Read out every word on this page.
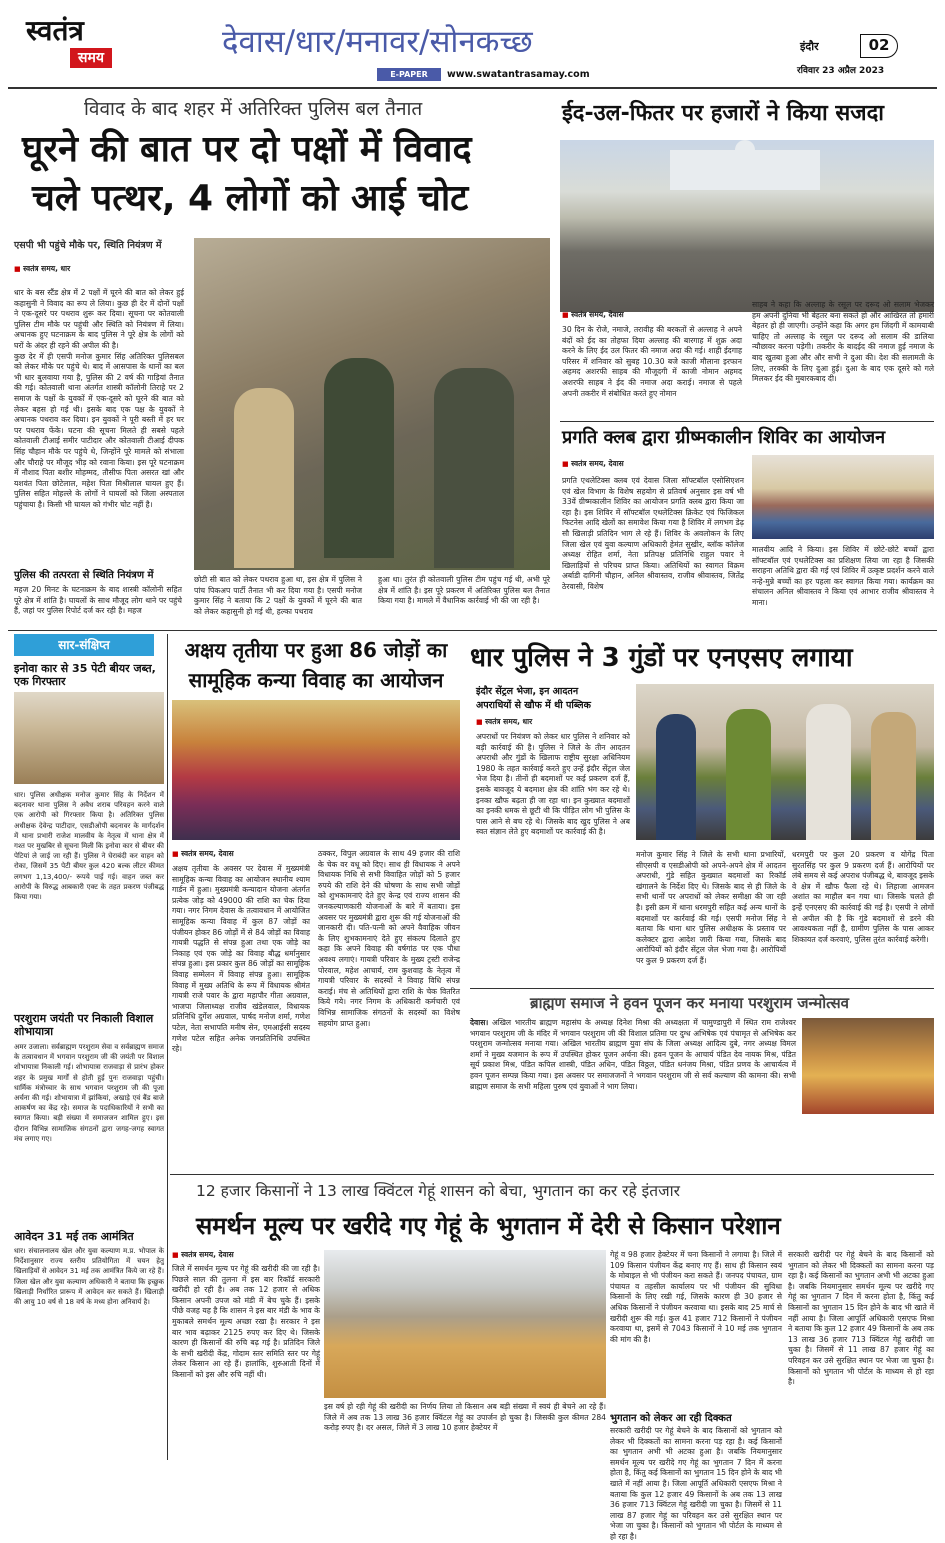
स्वतंत्र
समय	देवास/धार/मनावर/सोनकच्छ
E-PAPER	www.swatantrasamay.com
इंदौर	02
रविवार 23 अप्रैल 2023
विवाद के बाद शहर में अतिरिक्त पुलिस बल तैनात
घूरने की बात पर दो पक्षों में विवाद
चले पत्थर, 4 लोगों को आई चोट
एसपी भी पहुंचे मौके पर, स्थिति नियंत्रण में
■ स्वतंत्र समय, धार

धार के बस स्टैंड क्षेत्र में 2 पक्षों में घूरने की बात को लेकर हुई कहासुनी ने विवाद का रूप ले लिया। कुछ ही देर में दोनों पक्षों ने एक-दूसरे पर पथराव शुरू कर दिया। सूचना पर कोतवाली पुलिस टीम मौके पर पहुंची और स्थिति को नियंत्रण में लिया। अचानक हुए घटनाक्रम के बाद पुलिस ने पूरे क्षेत्र के लोगों को घरों के अंदर ही रहने की अपील की है।

कुछ देर में ही एसपी मनोज कुमार सिंह अतिरिक्त पुलिसबल को लेकर मौके पर पहुंचे थे। बाद में आसपास के थानों का बल भी धार बुलवाया गया है, पुलिस की 2 वर्ष की गाड़ियां तैनात की गई। कोतवाली थाना अंतर्गत शास्त्री कॉलोनी तिराहे पर 2 समाज के पक्षों के युवकों में एक-दूसरे को घूरने की बात को लेकर बहस हो गई थी। इसके बाद एक पक्ष के युवकों ने अचानक पथराव कर दिया। इन युवकों ने पूरी बस्ती में हर घर पर पथराव फेंके। घटना की सूचना मिलते ही सबसे पहले कोतवाली टीआई समीर पाटीदार और कोतवाली टीआई दीपक सिंह चौहान मौके पर पहुंचे थे, जिन्होंने पूरे मामले को संभाला और चौराहे पर मौजूद भीड़ को रवाना किया। इस पूरे घटनाक्रम में नौशाद पिता बशीर मोहम्मद, तौसीफ पिता असरत खां और यशवंत पिता छोटेलाल, महेश पिता मिश्रीलाल घायल हुए हैं। पुलिस सहित मोहल्ले के लोगों ने घायलों को जिला अस्पताल पहुंचाया है। किसी भी घायल को गंभीर चोट नहीं है।

पुलिस की तत्परता से स्थिति नियंत्रण में
महज 20 मिनट के घटनाक्रम के बाद शास्त्री कॉलोनी सहित पूरे क्षेत्र में शांति है। घायलों के साथ मौजूद लोग थाने पर पहुंचे हैं, जहां पर पुलिस रिपोर्ट दर्ज कर रही है। महज
छोटी सी बात को लेकर पथराव हुआ था, इस क्षेत्र में पुलिस ने पांच पिकअप पार्टी तैनात भी कर दिया गया है। एसपी मनोज कुमार सिंह ने बताया कि 2 पक्षों के युवकों में घूरने की बात को लेकर कहासुनी हो गई थी, हल्का पथराव
हुआ था। तुरंत ही कोतवाली पुलिस टीम पहुंच गई थी, अभी पूरे क्षेत्र में शांति है। इस पूरे प्रकरण में अतिरिक्त पुलिस बल तैनात किया गया है। मामले में वैधानिक कार्रवाई भी की जा रही है।
ईद-उल-फितर पर हजारों ने किया सजदा
■ स्वतंत्र समय, देवास
30 दिन के रोजे, नमाजे, तरावीह की बरकतों से अल्लाह ने अपने बंदों को ईद का तोहफा दिया अल्लाह की बारगाह में शुक्र अदा करने के लिए ईद उल फितर की नमाज अदा की गई। शाही ईदगाह परिसर में शनिवार को सुबह 10.30 बजे काजी मौलाना इरफान अहमद अशरफी साहब की मौजूदगी में काजी नोमान अहमद अशरफी साहब ने ईद की नमाज अदा कराई। नमाज से पहले अपनी तकरीर में संबोधित करते हुए नोमान
साहब ने कहा कि अल्लाह के रसूल पर दरूद ओ सलाम भेजकर हम अपनी दुनिया भी बेहतर बना सकते हो और आखिरत तो हमारी बेहतर हो ही जाएगी। उन्होंने कहा कि अगर हम जिंदगी में कामयाबी चाहिए तो अल्लाह के रसूल पर दरूद ओ सलाम की डालिया न्यौछावर करना पड़ेगी। तकरीर के बादईद की नमाज हुई नमाज के बाद खुतबा हुआ और और सभी ने दुआ की। देश की सलामती के लिए, तरक्की के लिए दुआ हुई। दुआ के बाद एक दूसरे को गले मिलकर ईद की मुबारकबाद दी।
प्रगति क्लब द्वारा ग्रीष्मकालीन शिविर का आयोजन
■ स्वतंत्र समय, देवास
प्रगति एथलेटिक्स क्लब एवं देवास जिला सॉफ्टबॉल एसोसिएशन एवं खेल विभाग के विशेष सहयोग से प्रतिवर्ष अनुसार इस वर्ष भी 33वें ग्रीष्मकालीन शिविर का आयोजन प्रगति क्लब द्वारा किया जा रहा है। इस शिविर में सॉफ्टबॉल एथलेटिक्स क्रिकेट एवं फिजिकल फिटनेस आदि खेलों का समावेश किया गया है शिविर में लगभग डेढ़ सौ खिलाड़ी प्रतिदिन भाग ले रहे हैं। शिविर के अवलोकन के लिए जिला खेल एवं युवा कल्याण अधिकारी हेमंत सुखीर, ब्लॉक कॉलेज अध्यक्ष रोहित शर्मा, नेता प्रतिपक्ष प्रतिनिधि राहुल पवार ने खिलाड़ियों से परिचय प्राप्त किया। अतिथियों का स्वागत विक्रम अर्बाडी दागिनी चौहान, अनिल श्रीवास्तव, राजीव श्रीवास्तव, जितेंद्र ठेरवासी, विशेष
मालवीय आदि ने किया। इस शिविर में छोटे-छोटे बच्चों द्वारा सॉफ्टबॉल एवं एथलेटिक्स का प्रशिक्षण लिया जा रहा है जिसकी सराहना अतिथि द्वारा की गई एवं शिविर में उत्कृष्ट प्रदर्शन करने वाले नन्हे-मुन्ने बच्चों का हर पहला कर स्वागत किया गया। कार्यक्रम का संचालन अनिल श्रीवास्तव ने किया एवं आभार राजीव श्रीवास्तव ने माना।
सार-संक्षिप्त
इनोवा कार से 35 पेटी बीयर जब्त, एक गिरफ्तार
धार। पुलिस अधीक्षक मनोज कुमार सिंह के निर्देशन में बदनावर थाना पुलिस ने अवैध शराब परिवहन करने वाले एक आरोपी को गिरफ्तार किया है। अतिरिक्त पुलिस अधीक्षक देवेन्द्र पाटीदार, एसडीओपी बदनावर के मार्गदर्शन में थाना प्रभारी राजेश मालवीय के नेतृत्व में थाना क्षेत्र में गश्त पर मुखबिर से सूचना मिली कि इनोवा कार से बीयर की पेटियां ले जाई जा रही हैं। पुलिस ने घेराबंदी कर वाहन को रोका, जिसमें 35 पेटी बीयर कुल 420 बल्क लीटर कीमत लगभग 1,13,400/- रूपये पाई गई। वाहन जब्त कर आरोपी के विरुद्ध आबकारी एक्ट के तहत प्रकरण पंजीबद्ध किया गया।
परशुराम जयंती पर निकाली विशाल शोभायात्रा
अमर उजाला। सर्वब्राह्मण परशुराम सेवा व सर्वब्राह्मण समाज के तत्वावधान में भगवान परशुराम जी की जयंती पर विशाल शोभायात्रा निकाली गई। शोभायात्रा राजवाड़ा से प्रारंभ होकर शहर के प्रमुख मार्गों से होती हुई पुनः राजवाड़ा पहुंची। धार्मिक मंत्रोच्चार के साथ भगवान परशुराम जी की पूजा अर्चना की गई। शोभायात्रा में झांकियां, अखाड़े एवं बैंड बाजे आकर्षण का केंद्र रहे। समाज के पदाधिकारियों ने सभी का स्वागत किया। बड़ी संख्या में समाजजन शामिल हुए। इस दौरान विभिन्न सामाजिक संगठनों द्वारा जगह-जगह स्वागत मंच लगाए गए।
आवेदन 31 मई तक आमंत्रित
धार। संचालनालय खेल और युवा कल्याण म.प्र. भोपाल के निर्देशानुसार राज्य स्तरीय प्रतियोगिता में चयन हेतु खिलाड़ियों से आवेदन 31 मई तक आमंत्रित किये जा रहे हैं। जिला खेल और युवा कल्याण अधिकारी ने बताया कि इच्छुक खिलाड़ी निर्धारित प्रारूप में आवेदन कर सकते हैं। खिलाड़ी की आयु 10 वर्ष से 18 वर्ष के मध्य होना अनिवार्य है।
अक्षय तृतीया पर हुआ 86 जोड़ों का
सामूहिक कन्या विवाह का आयोजन
■ स्वतंत्र समय, देवास
अक्षय तृतीया के अवसर पर देवास में मुख्यमंत्री सामूहिक कन्या विवाह का आयोजन स्थानीय श्याम गार्डन में हुआ। मुख्यमंत्री कन्यादान योजना अंतर्गत प्रत्येक जोड़ को 49000 की राशि का चेक दिया गया। नगर निगम देवास के तत्वावधान में आयोजित सामूहिक कन्या विवाह में कुल 87 जोड़ों का पंजीयन होकर 86 जोड़ों में से 84 जोड़ों का विवाह गायत्री पद्धति से संपन्न हुआ तथा एक जोड़े का निकाह एवं एक जोड़े का विवाह बौद्ध धर्मानुसार संपन्न हुआ। इस प्रकार कुल 86 जोड़ों का सामूहिक विवाह सम्मेलन में विवाह संपन्न हुआ। सामूहिक विवाह में मुख्य अतिथि के रूप में विधायक श्रीमंत गायत्री राजे पवार के द्वारा महापौर गीता अग्रवाल, भाजपा जिलाध्यक्ष राजीव खंडेलवाल, विधायक प्रतिनिधि दुर्गेश अग्रवाल, पार्षद मनोज शर्मा, गणेश पटेल, नेता सभापति मनीष सेन, एमआईसी सदस्य गणेश पटेल सहित अनेक जनप्रतिनिधि उपस्थित रहे।
ठक्कर, विपुल अग्रवाल के साथ 49 हजार की राशि के चेक वर वधू को दिए। साथ ही विधायक ने अपने विधायक निधि से सभी विवाहित जोड़ों को 5 हजार रुपये की राशि देने की घोषणा के साथ सभी जोड़ों को शुभकामनाएं देते हुए केन्द्र एवं राज्य शासन की जनकल्याणकारी योजनाओं के बारे में बताया। इस अवसर पर मुख्यमंत्री द्वारा शुरू की गई योजनाओं की जानकारी दी। पति-पत्नी को अपने वैवाहिक जीवन के लिए शुभकामनाएं देते हुए संकल्प दिलाते हुए कहा कि अपने विवाह की वर्षगांठ पर एक पौधा अवश्य लगाएं। गायत्री परिवार के मुख्य ट्रस्टी राजेन्द्र पोरवाल, महेश आचार्य, राम कुशवाह के नेतृत्व में गायत्री परिवार के सदस्यों ने विवाह विधि संपन्न कराई। मंच से अतिथियों द्वारा राशि के चेक वितरित किये गये। नगर निगम के अधिकारी कर्मचारी एवं विभिन्न सामाजिक संगठनों के सदस्यों का विशेष सहयोग प्राप्त हुआ।
धार पुलिस ने 3 गुंडों पर एनएसए लगाया
इंदौर सेंट्रल भेजा, इन आदतन
अपराधियों से खौफ में थी पब्लिक
■ स्वतंत्र समय, धार
अपराधों पर नियंत्रण को लेकर धार पुलिस ने शनिवार को बड़ी कार्रवाई की है। पुलिस ने जिले के तीन आदतन अपराधी और गुंडों के खिलाफ राष्ट्रीय सुरक्षा अधिनियम 1980 के तहत कार्रवाई करते हुए उन्हें इंदौर सेंट्रल जेल भेज दिया है। तीनों ही बदमाशों पर कई प्रकरण दर्ज हैं, इसके बावजूद ये बदमाश क्षेत्र की शांति भंग कर रहे थे। इनका खौफ बढ़ता ही जा रहा था। इन कुख्यात बदमाशों का इनकी धमक से छूटी थी कि पीड़ित लोग भी पुलिस के पास आने से बच रहे थे। जिसके बाद खुद पुलिस ने अब स्वत संज्ञान लेते हुए बदमाशों पर कार्रवाई की है।
मनोज कुमार सिंह ने जिले के सभी थाना प्रभारियों, सीएसपी व एसडीओपी को अपने-अपने क्षेत्र में आदतन अपराधी, गुंडे सहित कुख्यात बदमाशों का रिकॉर्ड खंगालने के निर्देश दिए थे। जिसके बाद से ही जिले के सभी थानों पर अपराधों को लेकर समीक्षा की जा रही है। इसी क्रम में थाना धरमपुरी सहित कई अन्य थानों के बदमाशों पर कार्रवाई की गई। एसपी मनोज सिंह ने बताया कि थाना धार पुलिस अधीक्षक के प्रस्ताव पर कलेक्टर द्वारा आदेश जारी किया गया, जिसके बाद आरोपियों को इंदौर सेंट्रल जेल भेजा गया है। आरोपियों पर कुल 9 प्रकरण दर्ज हैं।
धरमपुरी पर कुल 20 प्रकरण व योगेंद्र पिता सुरतसिंह पर कुल 9 प्रकरण दर्ज हैं। आरोपियों पर लंबे समय से कई अपराध पंजीबद्ध थे, बावजूद इसके वे क्षेत्र में खौफ फैला रहे थे। लिहाजा आमजन अशांत का माहौल बन गया था। जिसके चलते ही इन्हें एनएसए की कार्रवाई की गई है। एसपी ने लोगों से अपील की है कि गुंडे बदमाशों से डरने की आवश्यकता नहीं है, ग्रामीण पुलिस के पास आकर शिकायत दर्ज करवाएं, पुलिस तुरंत कार्रवाई करेगी।
ब्राह्मण समाज ने हवन पूजन कर मनाया परशुराम जन्मोत्सव
देवास। अखिल भारतीय ब्राह्मण महासंघ के अध्यक्ष दिनेश मिश्रा की अध्यक्षता में चामुण्डापुरी में स्थित राम राजेश्वर भगवान परशुराम जी के मंदिर में भगवान परशुराम जी की विशाल प्रतिमा पर दुग्ध अभिषेक एवं पंचामृत से अभिषेक कर परशुराम जन्मोत्सव मनाया गया। अखिल भारतीय ब्राह्मण युवा संघ के जिला अध्यक्ष आदित्य दुबे, नगर अध्यक्ष विमल शर्मा ने मुख्य यजमान के रूप में उपस्थित होकर पूजन अर्चना की। हवन पूजन के आचार्य पंडित देव नायक मिश्र, पंडित सूर्य प्रकाश मिश्र, पंडित कपिल शास्त्री, पंडित अधिन, पंडित विठ्ठल, पंडित धनंजय मिश्रा, पंडित प्रणव के आचार्यत्व में हवन पूजन सम्पन्न किया गया। इस अवसर पर समाजजनों ने भगवान परशुराम जी से सर्व कल्याण की कामना की। सभी ब्राह्मण समाज के सभी महिला पुरुष एवं युवाओं ने भाग लिया।
12 हजार किसानों ने 13 लाख क्विंटल गेहूं शासन को बेचा, भुगतान का कर रहे इंतजार
समर्थन मूल्य पर खरीदे गए गेहूं के भुगतान में देरी से किसान परेशान
■ स्वतंत्र समय, देवास
जिले में समर्थन मूल्य पर गेहूं की खरीदी की जा रही है। पिछले साल की तुलना में इस बार रिकॉर्ड सरकारी खरीदी हो रही है। अब तक 12 हजार से अधिक किसान अपनी उपज को मंडी में बेच चुके हैं। इसके पीछे वजह यह है कि शासन ने इस बार मंडी के भाव के मुकाबले समर्थन मूल्य अच्छा रखा है। सरकार ने इस बार भाव बढ़ाकर 2125 रुपए कर दिए थे। जिसके कारण ही किसानों की रुचि बढ़ गई है। प्रतिदिन जिले के सभी खरीदी केंद्र, गोदाम स्तर समिति स्तर पर गेहूं लेकर किसान आ रहे हैं। हालांकि, शुरुआती दिनों में किसानों को इस और रुचि नहीं थी।
इस वर्ष हो रही गेहूं की खरीदी का निर्णय लिया तो किसान अब बड़ी संख्या में स्वयं ही बेचने आ रहे हैं। जिले में अब तक 13 लाख 36 हजार क्विंटल गेहूं का उपार्जन हो चुका है। जिसकी कुल कीमत 284 करोड़ रुपए है। दर असल, जिले में 3 लाख 10 हजार हेक्टेयर में
गेहूं व 98 हजार हेक्टेयर में चना किसानों ने लगाया है। जिले में 109 किसान पंजीयन केंद्र बनाए गए हैं। साथ ही किसान स्वयं के मोबाइल से भी पंजीयन करा सकते हैं। जनपद पंचायत, ग्राम पंचायत व तहसील कार्यालय पर भी पंजीयन की सुविधा किसानों के लिए रखी गई, जिसके कारण ही 30 हजार से अधिक किसानों ने पंजीयन करवाया था। इसके बाद 25 मार्च से खरीदी शुरू की गई। कुल 41 हजार 712 किसानों ने पंजीयन करवाया था, इसमें से 7043 किसानों ने 10 मई तक भुगतान की मांग की है।
भुगतान को लेकर आ रही दिक्कत
सरकारी खरीदी पर गेहूं बेचने के बाद किसानों को भुगतान को लेकर भी दिक्कतों का सामना करना पड़ रहा है। कई किसानों का भुगतान अभी भी अटका हुआ है। जबकि नियमानुसार समर्थन मूल्य पर खरीदे गए गेहूं का भुगतान 7 दिन में करना होता है, किंतु कई किसानों का भुगतान 15 दिन होने के बाद भी खाते में नहीं आया है। जिला आपूर्ति अधिकारी एसएफ मिश्रा ने बताया कि कुल 12 हजार 49 किसानों के अब तक 13 लाख 36 हजार 713 क्विंटल गेहूं खरीदी जा चुका है। जिसमें से 11 लाख 87 हजार गेहूं का परिवहन कर उसे सुरक्षित स्थान पर भेजा जा चुका है। किसानों को भुगतान भी पोर्टल के माध्यम से हो रहा है।
सरकारी खरीदी पर गेहूं बेचने के बाद किसानों को भुगतान को लेकर भी दिक्कतों का सामना करना पड़ रहा है। कई किसानों का भुगतान अभी भी अटका हुआ है। जबकि नियमानुसार समर्थन मूल्य पर खरीदे गए गेहूं का भुगतान 7 दिन में करना होता है, किंतु कई किसानों का भुगतान 15 दिन होने के बाद भी खाते में नहीं आया है। जिला आपूर्ति अधिकारी एसएफ मिश्रा ने बताया कि कुल 12 हजार 49 किसानों के अब तक 13 लाख 36 हजार 713 क्विंटल गेहूं खरीदी जा चुका है। जिसमें से 11 लाख 87 हजार गेहूं का परिवहन कर उसे सुरक्षित स्थान पर भेजा जा चुका है। किसानों को भुगतान भी पोर्टल के माध्यम से हो रहा है।
